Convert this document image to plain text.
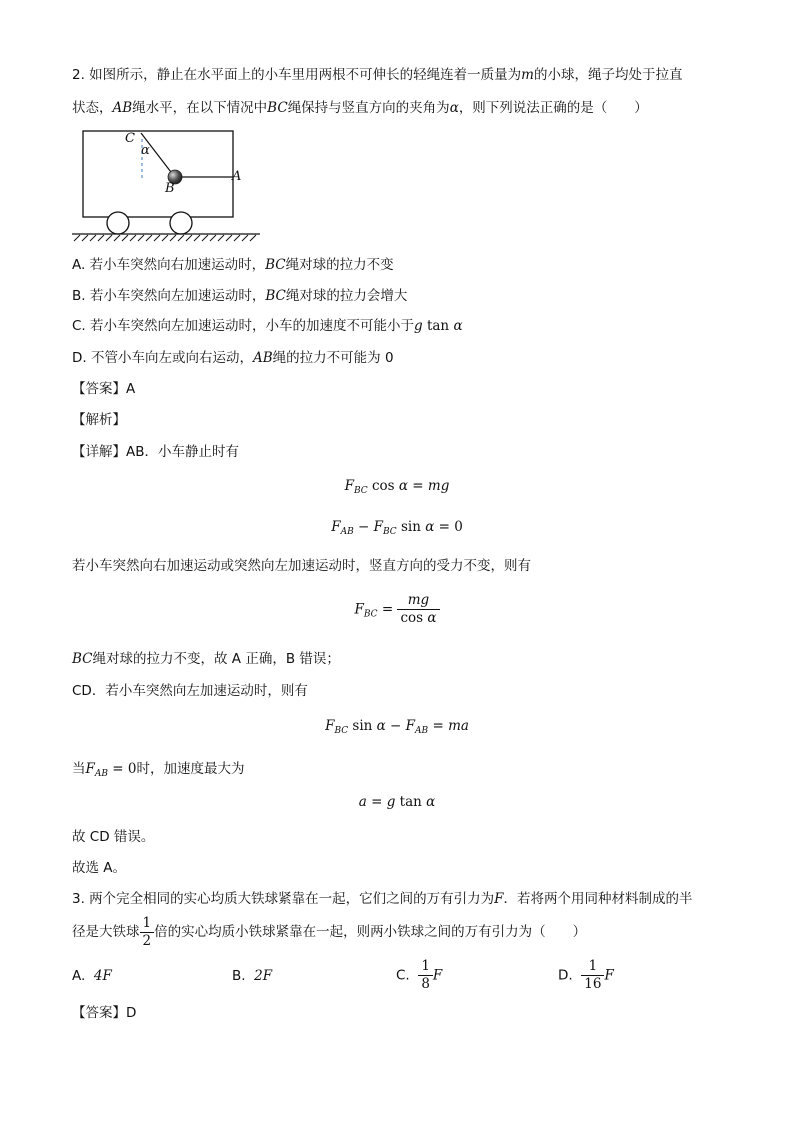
2. 如图所示，静止在水平面上的小车里用两根不可伸长的轻绳连着一质量为m的小球，绳子均处于拉直
状态，AB绳水平，在以下情况中BC绳保持与竖直方向的夹角为α，则下列说法正确的是（　　）
C
α
B
A
A. 若小车突然向右加速运动时，BC绳对球的拉力不变
B. 若小车突然向左加速运动时，BC绳对球的拉力会增大
C. 若小车突然向左加速运动时，小车的加速度不可能小于g tan α
D. 不管小车向左或向右运动，AB绳的拉力不可能为 0
【答案】A
【解析】
【详解】AB．小车静止时有
$F_{BC}$ cos α = mg
$F_{AB} - F_{BC}$ sin α = 0
若小车突然向右加速运动或突然向左加速运动时，竖直方向的受力不变，则有
$F_{BC} = \frac{mg}{\text{cos α}}$
BC绳对球的拉力不变，故 A 正确，B 错误；
CD．若小车突然向左加速运动时，则有
$F_{BC}$ $\sin \alpha - F_{AB}$ = ma
当$F_{AB} = 0$时，加速度最大为
a = g tan α
故 CD 错误。
故选 A。
3. 两个完全相同的实心均质大铁球紧靠在一起，它们之间的万有引力为F．若将两个用同种材料制成的半
径是大铁球 $\frac{1}{2}$ 倍的实心均质小铁球紧靠在一起，则两小铁球之间的万有引力为（　　）
A. 4F	B. 2F	C. $\frac{1}{8}$ F	D. $\frac{1}{16}$ F
【答案】D
